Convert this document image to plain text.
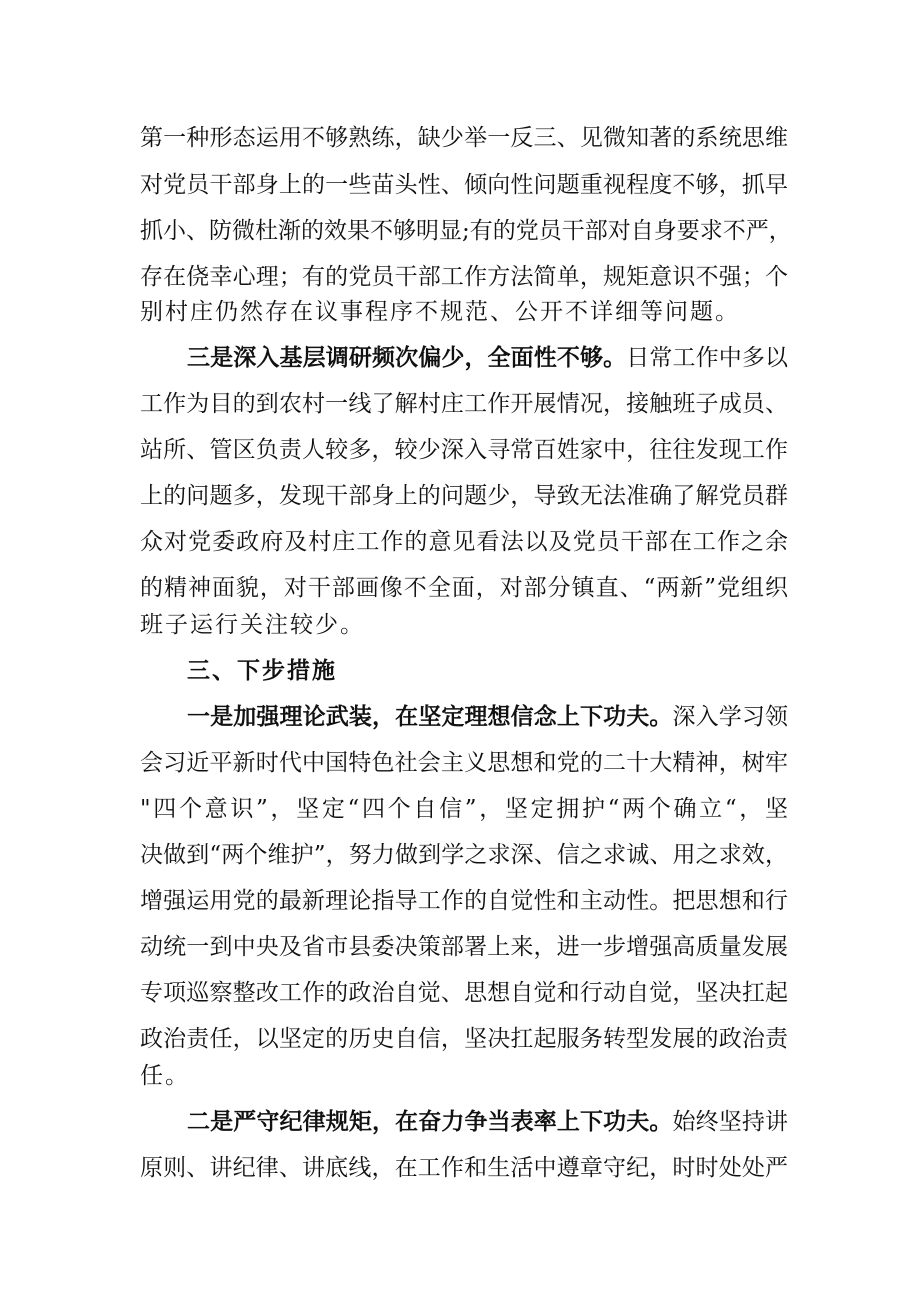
第一种形态运用不够熟练，缺少举一反三、见微知著的系统思维
对党员干部身上的一些苗头性、倾向性问题重视程度不够，抓早
抓小、防微杜渐的效果不够明显;有的党员干部对自身要求不严，
存在侥幸心理；有的党员干部工作方法简单，规矩意识不强；个
别村庄仍然存在议事程序不规范、公开不详细等问题。
三是深入基层调研频次偏少，全面性不够。日常工作中多以
工作为目的到农村一线了解村庄工作开展情况，接触班子成员、
站所、管区负责人较多，较少深入寻常百姓家中，往往发现工作
上的问题多，发现干部身上的问题少，导致无法准确了解党员群
众对党委政府及村庄工作的意见看法以及党员干部在工作之余
的精神面貌，对干部画像不全面，对部分镇直、“两新”党组织
班子运行关注较少。
三、下步措施
一是加强理论武装，在坚定理想信念上下功夫。深入学习领
会习近平新时代中国特色社会主义思想和党的二十大精神，树牢
"四个意识”，坚定“四个自信”，坚定拥护“两个确立“，坚
决做到“两个维护”，努力做到学之求深、信之求诚、用之求效，
增强运用党的最新理论指导工作的自觉性和主动性。把思想和行
动统一到中央及省市县委决策部署上来，进一步增强高质量发展
专项巡察整改工作的政治自觉、思想自觉和行动自觉，坚决扛起
政治责任，以坚定的历史自信，坚决扛起服务转型发展的政治责
任。
二是严守纪律规矩，在奋力争当表率上下功夫。始终坚持讲
原则、讲纪律、讲底线，在工作和生活中遵章守纪，时时处处严
